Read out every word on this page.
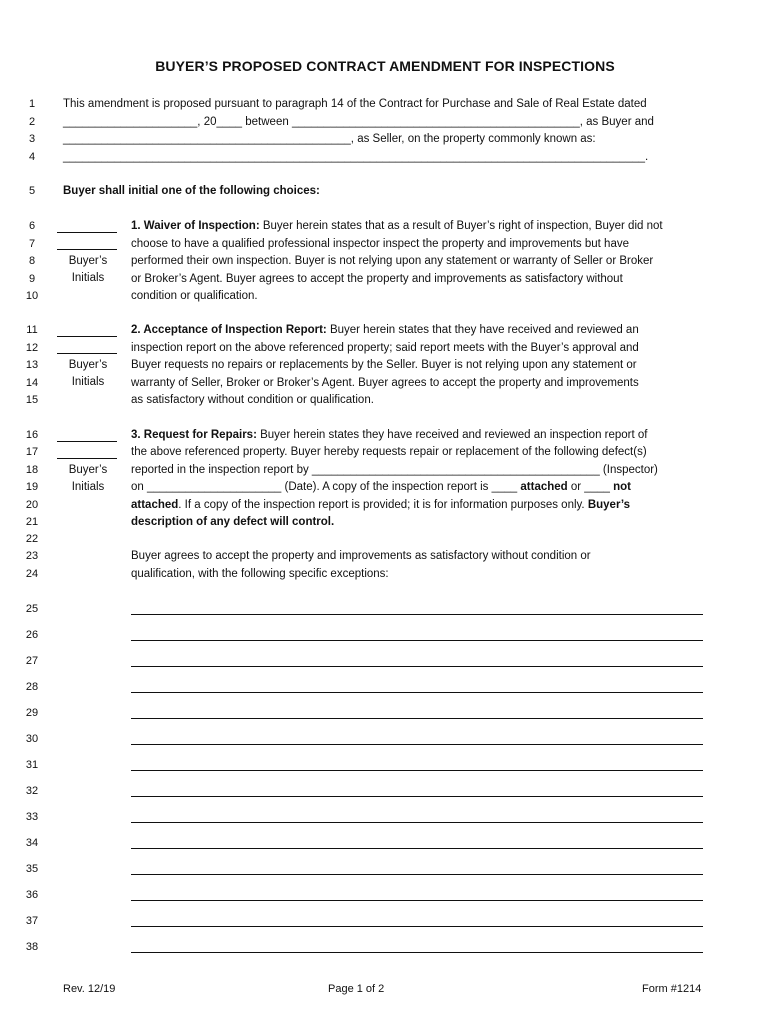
BUYER’S PROPOSED CONTRACT AMENDMENT FOR INSPECTIONS
1
2
3
4
5
6
7
8
9
10
11
12
13
14
15
16
17
18
19
20
21
22
23
24
25
26
27
28
29
30
31
32
33
34
35
36
37
38
This amendment is proposed pursuant to paragraph 14 of the Contract for Purchase and Sale of Real Estate dated
_____________________, 20____ between _____________________________________________, as Buyer and
_____________________________________________, as Seller, on the property commonly known as:
___________________________________________________________________________________________.
Buyer shall initial one of the following choices:
Buyer’s
Initials
1. Waiver of Inspection: Buyer herein states that as a result of Buyer’s right of inspection, Buyer did not
choose to have a qualified professional inspector inspect the property and improvements but have
performed their own inspection. Buyer is not relying upon any statement or warranty of Seller or Broker
or Broker’s Agent. Buyer agrees to accept the property and improvements as satisfactory without
condition or qualification.
Buyer’s
Initials
2. Acceptance of Inspection Report: Buyer herein states that they have received and reviewed an
inspection report on the above referenced property; said report meets with the Buyer’s approval and
Buyer requests no repairs or replacements by the Seller. Buyer is not relying upon any statement or
warranty of Seller, Broker or Broker’s Agent. Buyer agrees to accept the property and improvements
as satisfactory without condition or qualification.
Buyer’s
Initials
3. Request for Repairs: Buyer herein states they have received and reviewed an inspection report of
the above referenced property. Buyer hereby requests repair or replacement of the following defect(s)
reported in the inspection report by _____________________________________________ (Inspector)
on _____________________ (Date). A copy of the inspection report is ____ attached or ____ not
attached. If a copy of the inspection report is provided; it is for information purposes only. Buyer’s
description of any defect will control.
Buyer agrees to accept the property and improvements as satisfactory without condition or
qualification, with the following specific exceptions:
Rev. 12/19	Page 1 of 2	Form #1214
